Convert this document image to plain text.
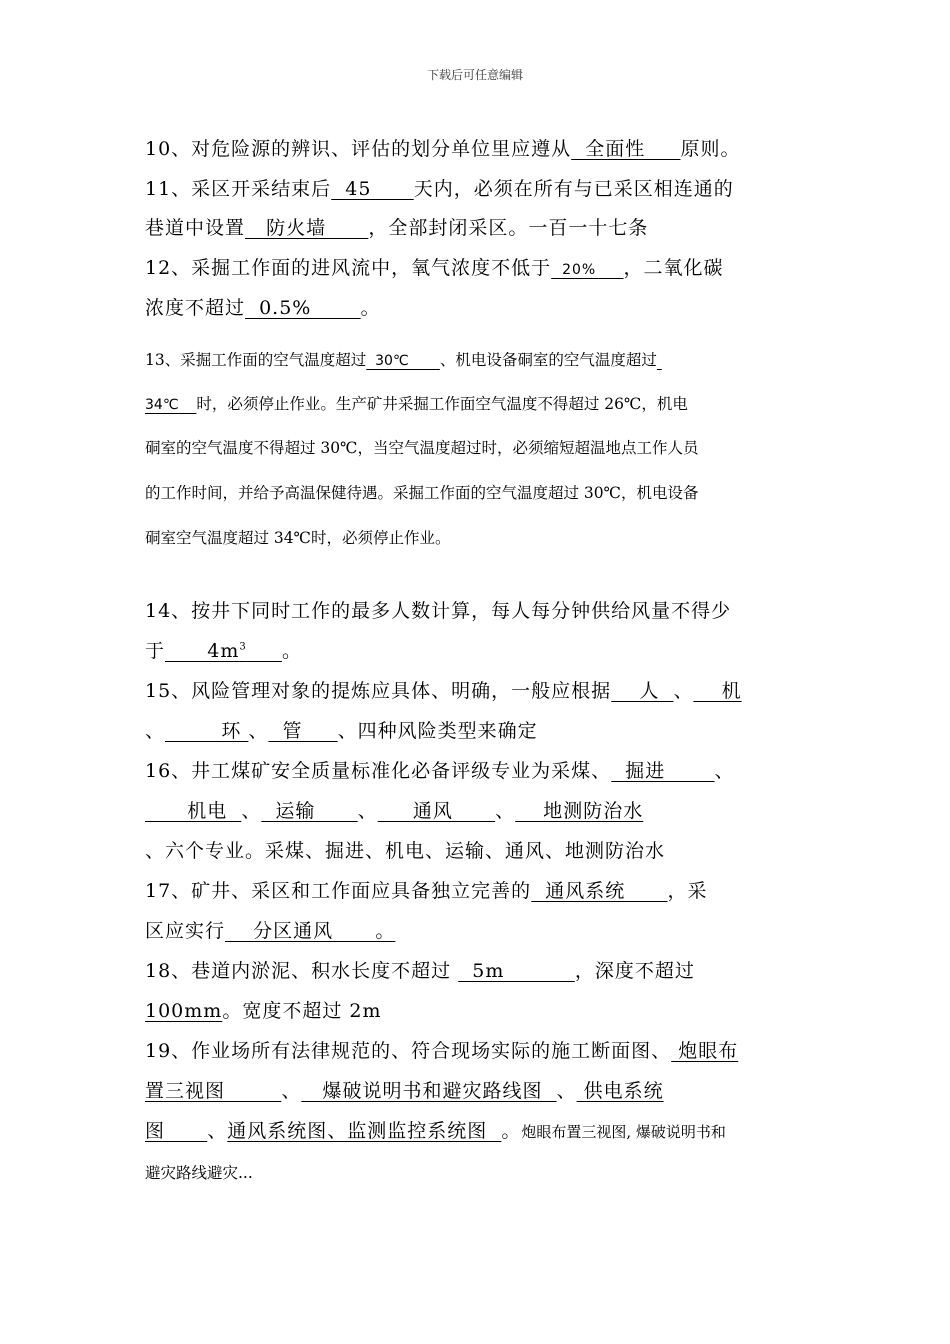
下载后可任意编辑
10、对危险源的辨识、评估的划分单位里应遵从  全面性     原则。
11、采区开采结束后  45      天内，必须在所有与已采区相连通的
巷道中设置   防火墙      ，全部封闭采区。一百一十七条
12、采掘工作面的进风流中，氧气浓度不低于  20%     ，二氧化碳
浓度不超过  0.5%       。
13、采掘工作面的空气温度超过  30℃       、机电设备硐室的空气温度超过
34℃    时，必须停止作业。生产矿井采掘工作面空气温度不得超过 26℃，机电
硐室的空气温度不得超过 30℃，当空气温度超过时，必须缩短超温地点工作人员
的工作时间，并给予高温保健待遇。采掘工作面的空气温度超过 30℃，机电设备
硐室空气温度超过 34℃时，必须停止作业。
14、按井下同时工作的最多人数计算，每人每分钟供给风量不得少
于      $4m^3$ 。
15、风险管理对象的提炼应具体、明确，一般应根据    人  、    机
、        环 、  管     、四种风险类型来确定
16、井工煤矿安全质量标准化必备评级专业为采煤、  掘进       、
机电  、  运输      、     通风      、    地测防治水
、六个专业。采煤、掘进、机电、运输、通风、地测防治水
17、矿井、采区和工作面应具备独立完善的  通风系统      ，采
区应实行    分区通风      。
18、巷道内淤泥、积水长度不超过   5m          ，深度不超过
100mm。宽度不超过 2m
19、作业场所有法律规范的、符合现场实际的施工断面图、 炮眼布
置三视图        、   爆破说明书和避灾路线图  、 供电系统
图      、通风系统图、监测监控系统图  。炮眼布置三视图, 爆破说明书和
避灾路线避灾...
